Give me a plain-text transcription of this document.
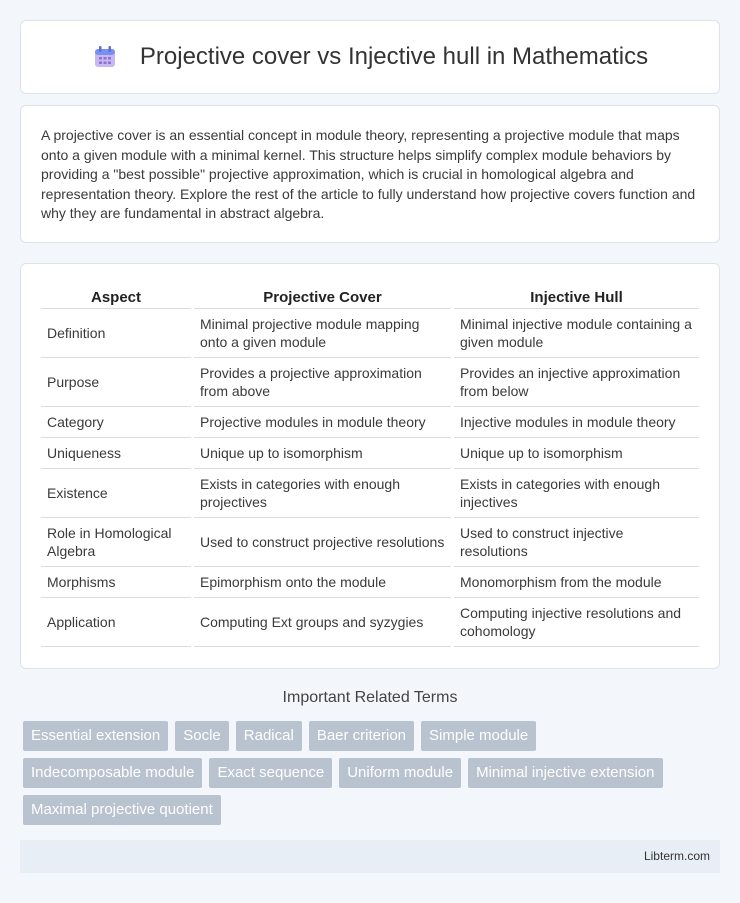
Projective cover vs Injective hull in Mathematics

A projective cover is an essential concept in module theory, representing a projective module that maps onto a given module with a minimal kernel. This structure helps simplify complex module behaviors by providing a "best possible" projective approximation, which is crucial in homological algebra and representation theory. Explore the rest of the article to fully understand how projective covers function and why they are fundamental in abstract algebra.

Aspect	Projective Cover	Injective Hull
Definition	Minimal projective module mapping onto a given module	Minimal injective module containing a given module
Purpose	Provides a projective approximation from above	Provides an injective approximation from below
Category	Projective modules in module theory	Injective modules in module theory
Uniqueness	Unique up to isomorphism	Unique up to isomorphism
Existence	Exists in categories with enough projectives	Exists in categories with enough injectives
Role in Homological Algebra	Used to construct projective resolutions	Used to construct injective resolutions
Morphisms	Epimorphism onto the module	Monomorphism from the module
Application	Computing Ext groups and syzygies	Computing injective resolutions and cohomology
Important Related Terms
Essential extension	Socle	Radical	Baer criterion	Simple module
Indecomposable module	Exact sequence	Uniform module	Minimal injective extension
Maximal projective quotient
Libterm.com
